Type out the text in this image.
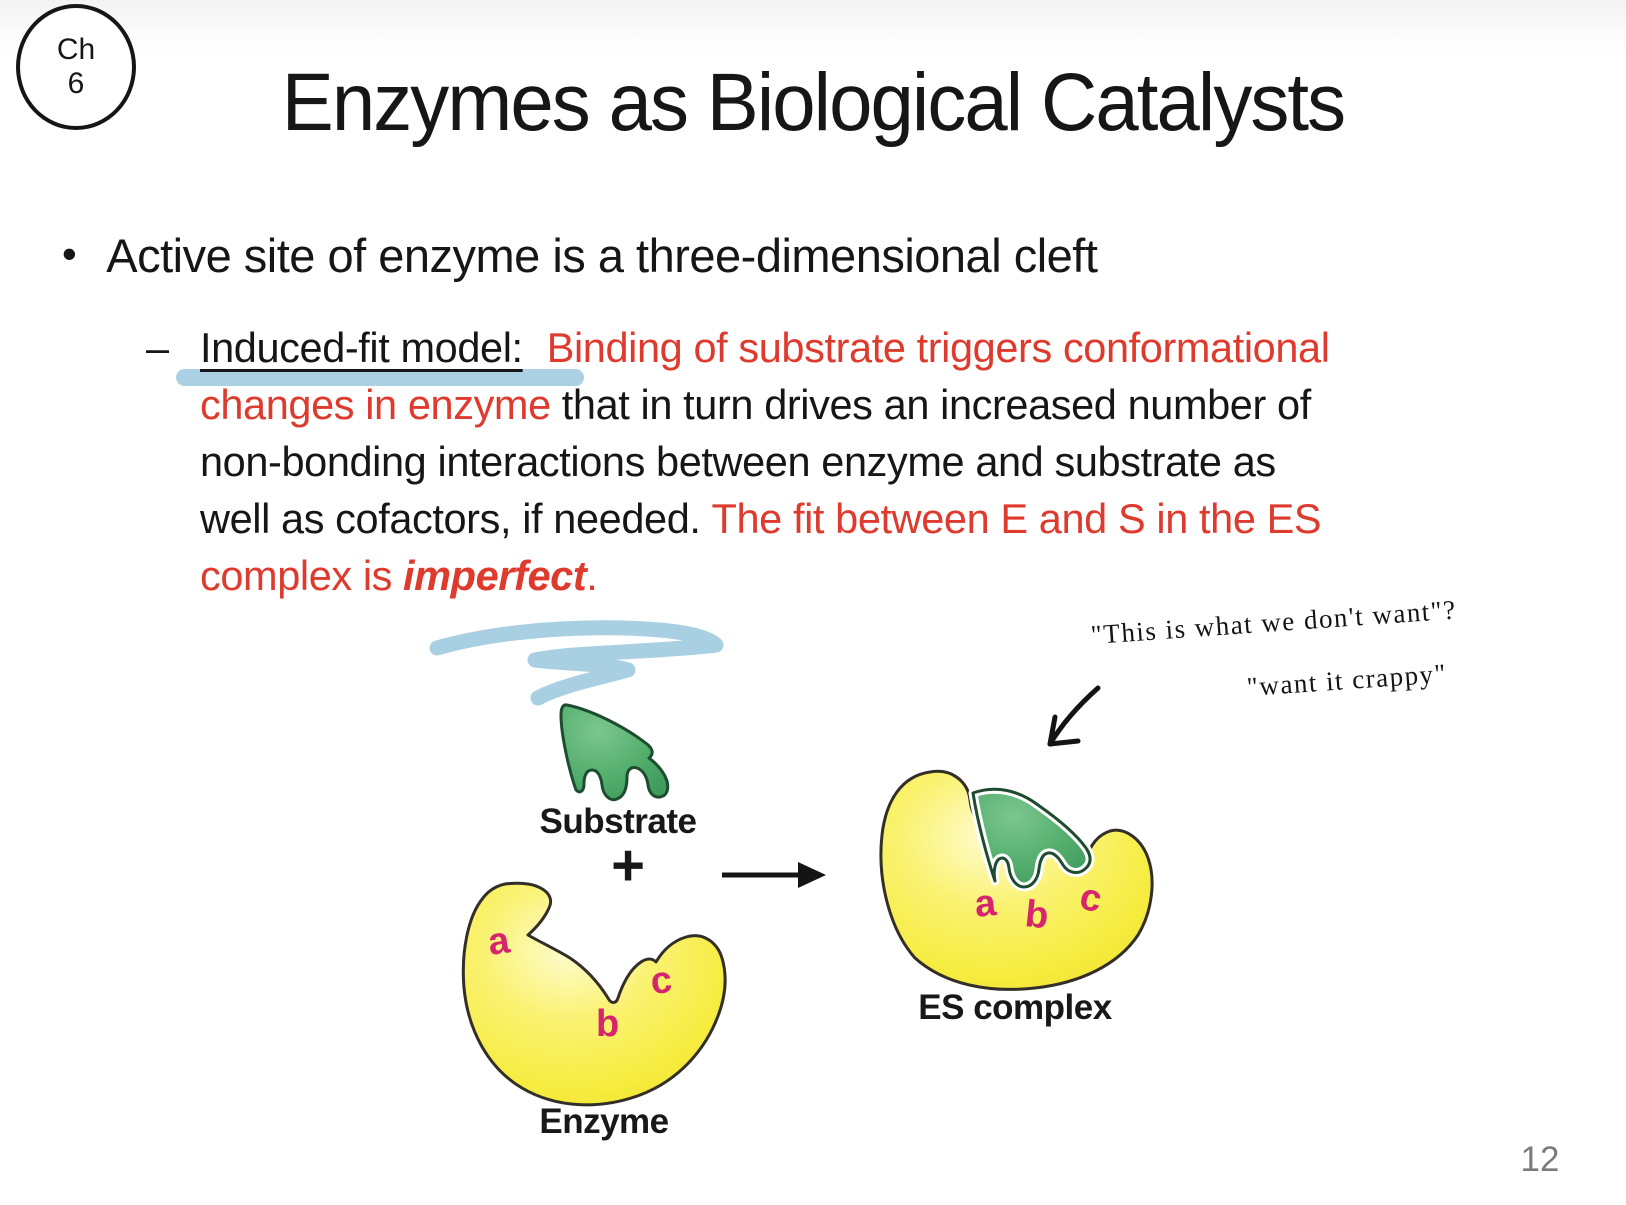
Ch
6	Enzymes as Biological Catalysts
• Active site of enzyme is a three-dimensional cleft
– Induced-fit model: Binding of substrate triggers conformational
changes in enzyme that in turn drives an increased number of
non-bonding interactions between enzyme and substrate as
well as cofactors, if needed. The fit between E and S in the ES
complex is imperfect.
"This is what we don't want"?
"want it crappy"
a
b
c
a b c
Substrate
+
Enzyme
ES complex
12
